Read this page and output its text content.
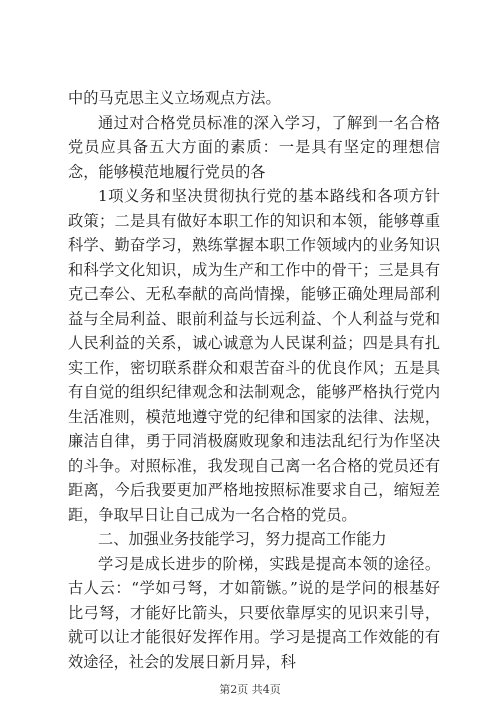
中的马克思主义立场观点方法。

通过对合格党员标准的深入学习，了解到一名合格党员应具备五大方面的素质：一是具有坚定的理想信念，能够模范地履行党员的各

1项义务和坚决贯彻执行党的基本路线和各项方针政策；二是具有做好本职工作的知识和本领，能够尊重科学、勤奋学习，熟练掌握本职工作领域内的业务知识和科学文化知识，成为生产和工作中的骨干；三是具有克己奉公、无私奉献的高尚情操，能够正确处理局部利益与全局利益、眼前利益与长远利益、个人利益与党和人民利益的关系，诚心诚意为人民谋利益；四是具有扎实工作，密切联系群众和艰苦奋斗的优良作风；五是具有自觉的组织纪律观念和法制观念，能够严格执行党内生活准则，模范地遵守党的纪律和国家的法律、法规，廉洁自律，勇于同消极腐败现象和违法乱纪行为作坚决的斗争。对照标准，我发现自己离一名合格的党员还有距离，今后我要更加严格地按照标准要求自己，缩短差距，争取早日让自己成为一名合格的党员。

二、加强业务技能学习，努力提高工作能力

学习是成长进步的阶梯，实践是提高本领的途径。古人云：“学如弓弩，才如箭镞。”说的是学问的根基好比弓弩，才能好比箭头，只要依靠厚实的见识来引导，就可以让才能很好发挥作用。学习是提高工作效能的有效途径，社会的发展日新月异，科

第2页 共4页
